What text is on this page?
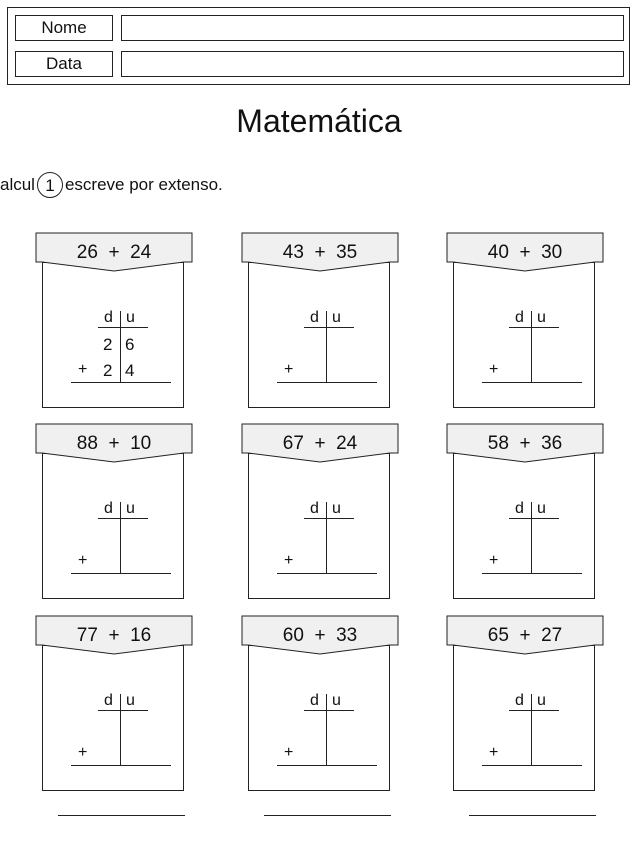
Nome
Data
Matemática
alcul 1 escreve por extenso.
d u
+
2 6
2 4
26  +  24
d u
+
43  +  35
d u
+
40  +  30
d u
+
88  +  10
d u
+
67  +  24
d u
+
58  +  36
d u
+
77  +  16
d u
+
60  +  33
d u
+
65  +  27
